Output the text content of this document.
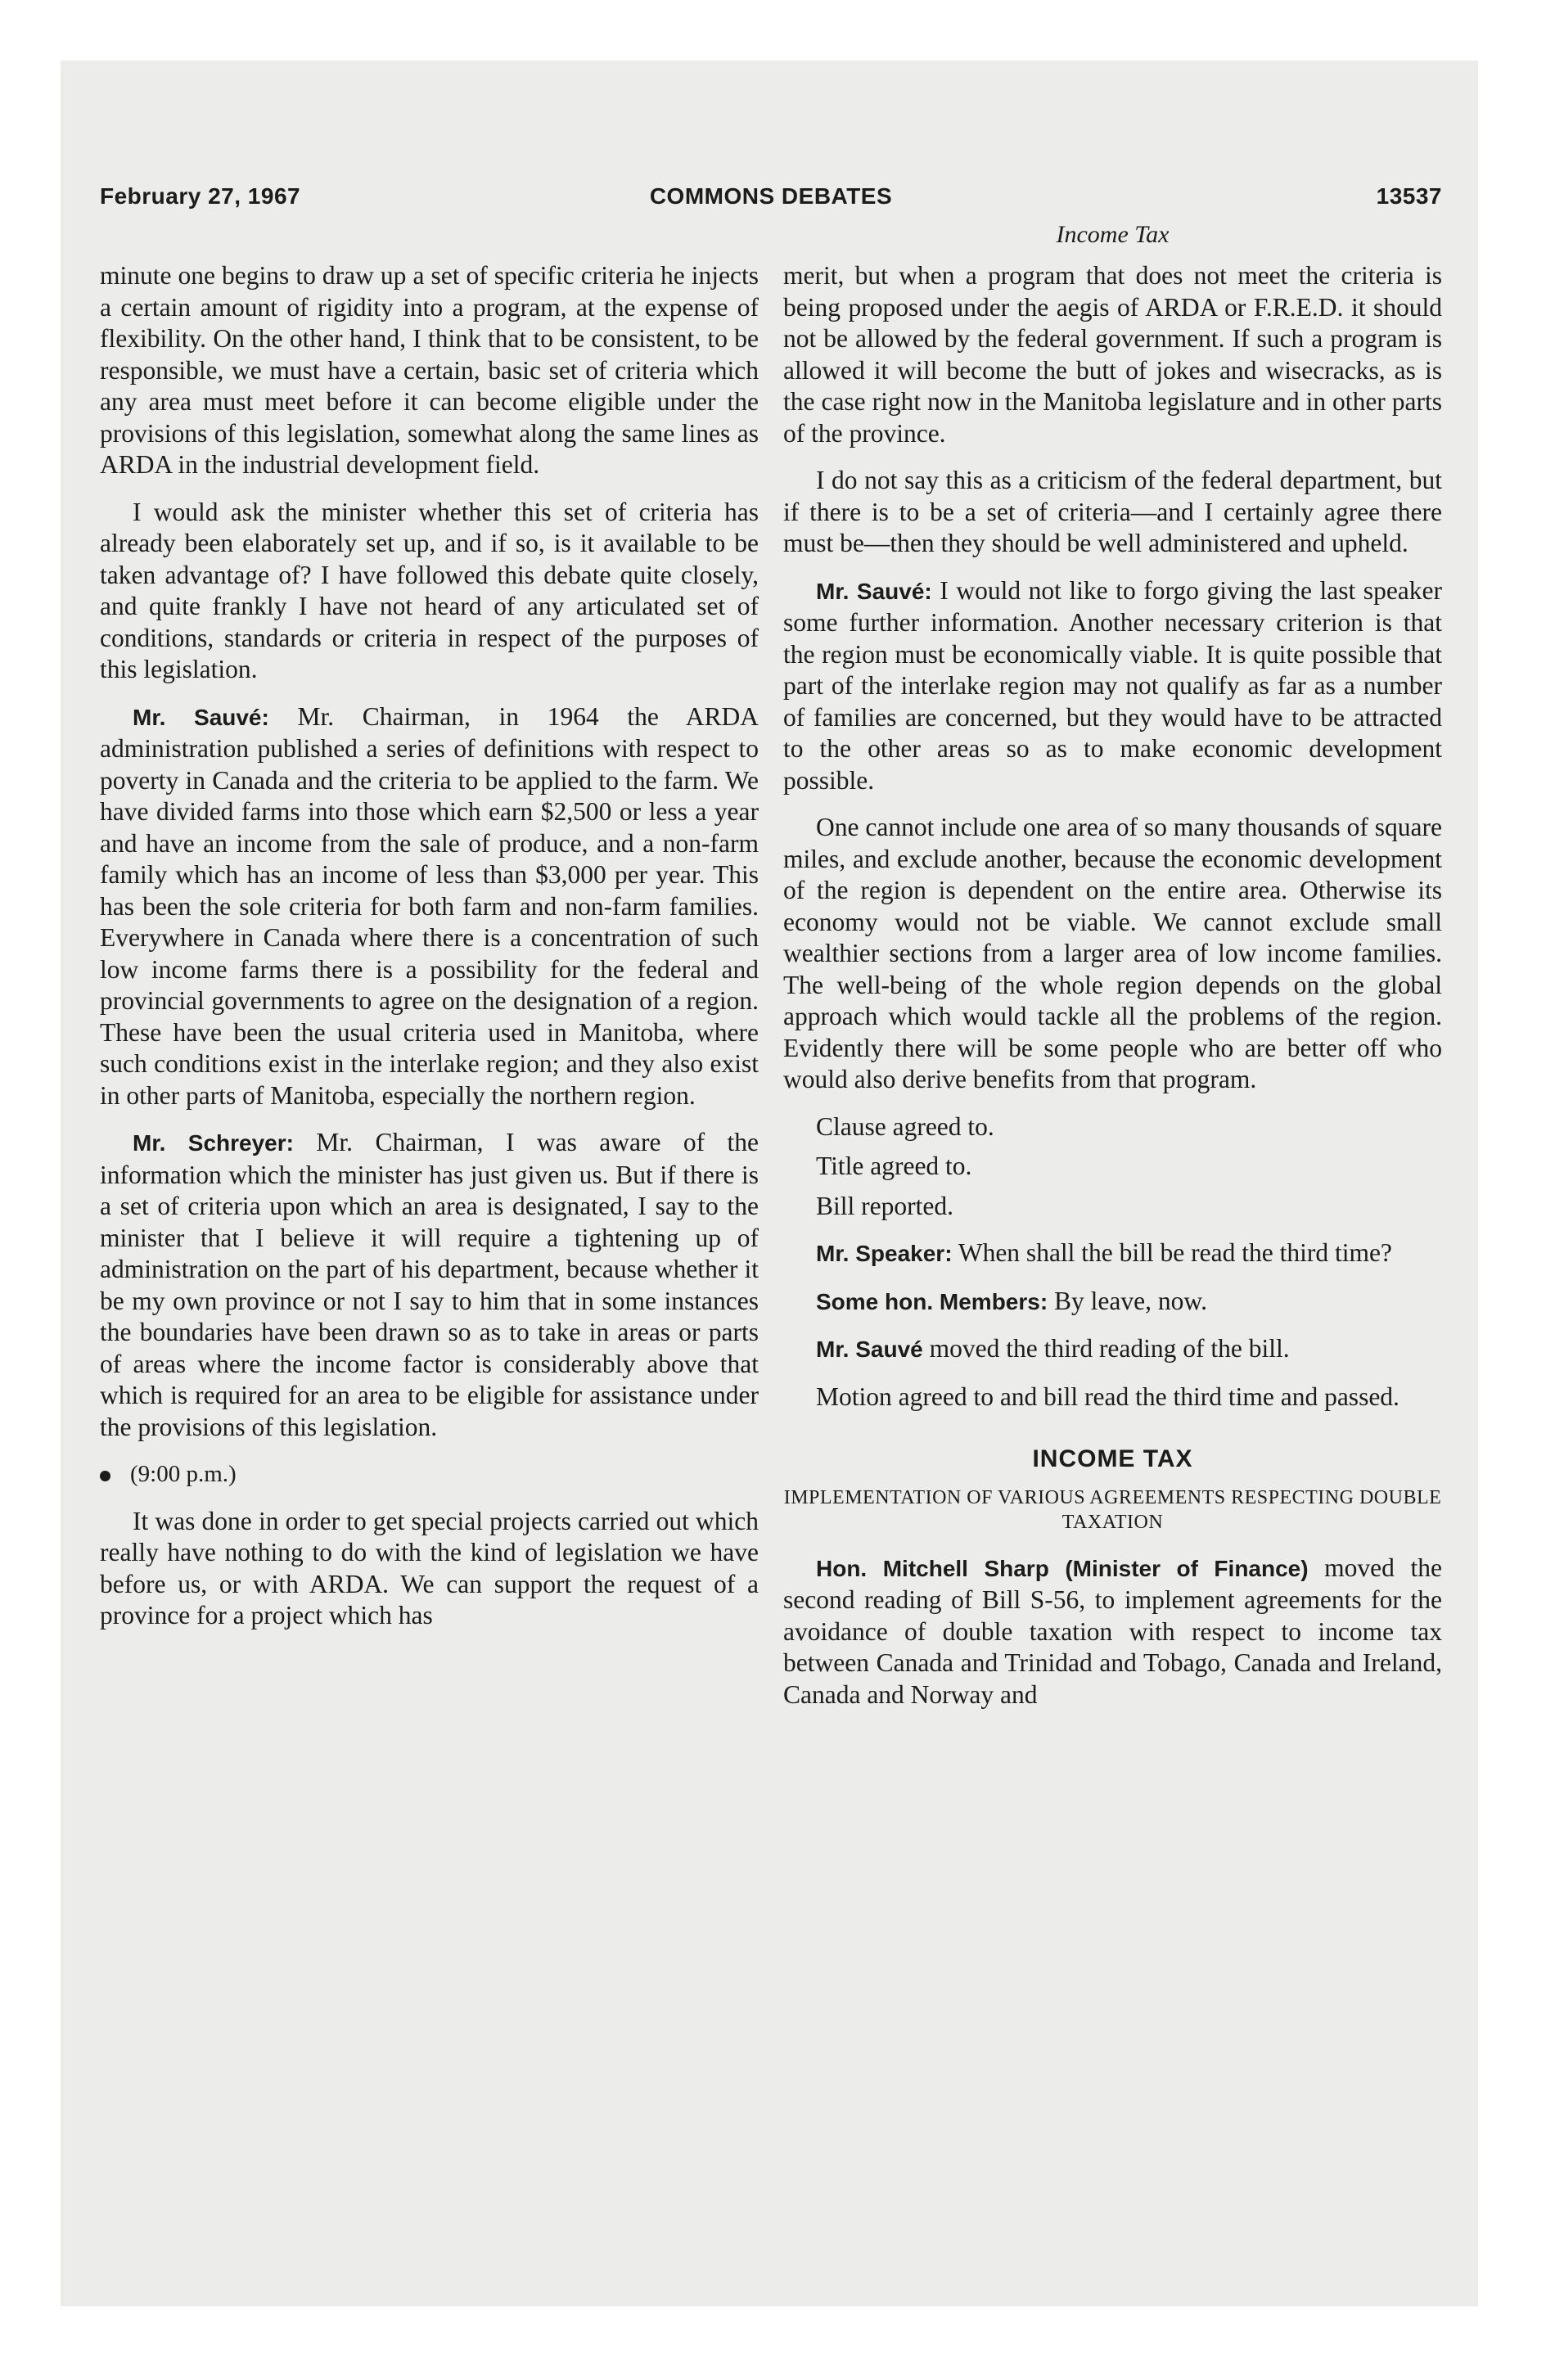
February 27, 1967	COMMONS DEBATES	13537
Income Tax

minute one begins to draw up a set of specific criteria he injects a certain amount of rigidity into a program, at the expense of flexibility. On the other hand, I think that to be consistent, to be responsible, we must have a certain, basic set of criteria which any area must meet before it can become eligible under the provisions of this legislation, somewhat along the same lines as ARDA in the industrial development field.

I would ask the minister whether this set of criteria has already been elaborately set up, and if so, is it available to be taken advantage of? I have followed this debate quite closely, and quite frankly I have not heard of any articulated set of conditions, standards or criteria in respect of the purposes of this legislation.

Mr. Sauvé: Mr. Chairman, in 1964 the ARDA administration published a series of definitions with respect to poverty in Canada and the criteria to be applied to the farm. We have divided farms into those which earn $2,500 or less a year and have an income from the sale of produce, and a non-farm family which has an income of less than $3,000 per year. This has been the sole criteria for both farm and non-farm families. Everywhere in Canada where there is a concentration of such low income farms there is a possibility for the federal and provincial governments to agree on the designation of a region. These have been the usual criteria used in Manitoba, where such conditions exist in the interlake region; and they also exist in other parts of Manitoba, especially the northern region.

Mr. Schreyer: Mr. Chairman, I was aware of the information which the minister has just given us. But if there is a set of criteria upon which an area is designated, I say to the minister that I believe it will require a tightening up of administration on the part of his department, because whether it be my own province or not I say to him that in some instances the boundaries have been drawn so as to take in areas or parts of areas where the income factor is considerably above that which is required for an area to be eligible for assistance under the provisions of this legislation.

(9:00 p.m.)

It was done in order to get special projects carried out which really have nothing to do with the kind of legislation we have before us, or with ARDA. We can support the request of a province for a project which has

merit, but when a program that does not meet the criteria is being proposed under the aegis of ARDA or F.R.E.D. it should not be allowed by the federal government. If such a program is allowed it will become the butt of jokes and wisecracks, as is the case right now in the Manitoba legislature and in other parts of the province.

I do not say this as a criticism of the federal department, but if there is to be a set of criteria—and I certainly agree there must be—then they should be well administered and upheld.

Mr. Sauvé: I would not like to forgo giving the last speaker some further information. Another necessary criterion is that the region must be economically viable. It is quite possible that part of the interlake region may not qualify as far as a number of families are concerned, but they would have to be attracted to the other areas so as to make economic development possible.

One cannot include one area of so many thousands of square miles, and exclude another, because the economic development of the region is dependent on the entire area. Otherwise its economy would not be viable. We cannot exclude small wealthier sections from a larger area of low income families. The well-being of the whole region depends on the global approach which would tackle all the problems of the region. Evidently there will be some people who are better off who would also derive benefits from that program.

Clause agreed to.

Title agreed to.

Bill reported.

Mr. Speaker: When shall the bill be read the third time?

Some hon. Members: By leave, now.

Mr. Sauvé moved the third reading of the bill.

Motion agreed to and bill read the third time and passed.

INCOME TAX
IMPLEMENTATION OF VARIOUS AGREEMENTS RESPECTING DOUBLE TAXATION

Hon. Mitchell Sharp (Minister of Finance) moved the second reading of Bill S-56, to implement agreements for the avoidance of double taxation with respect to income tax between Canada and Trinidad and Tobago, Canada and Ireland, Canada and Norway and
